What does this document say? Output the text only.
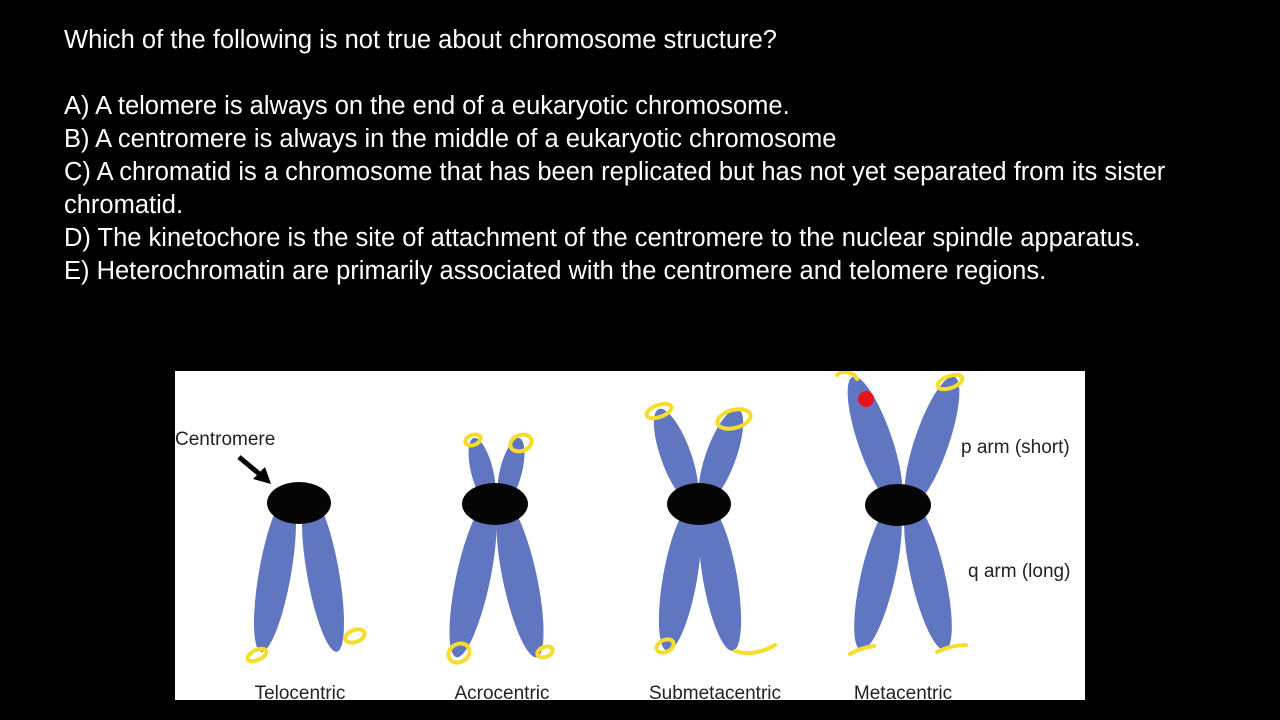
Which of the following is not true about chromosome structure?

A) A telomere is always on the end of a eukaryotic chromosome.

B) A centromere is always in the middle of a eukaryotic chromosome

C) A chromatid is a chromosome that has been replicated but has not yet separated from its sister chromatid.

D) The kinetochore is the site of attachment of the centromere to the nuclear spindle apparatus.

E) Heterochromatin are primarily associated with the centromere and telomere regions.

Centromere	p arm (short)
q arm (long)
Telocentric	Acrocentric	Submetacentric	Metacentric
